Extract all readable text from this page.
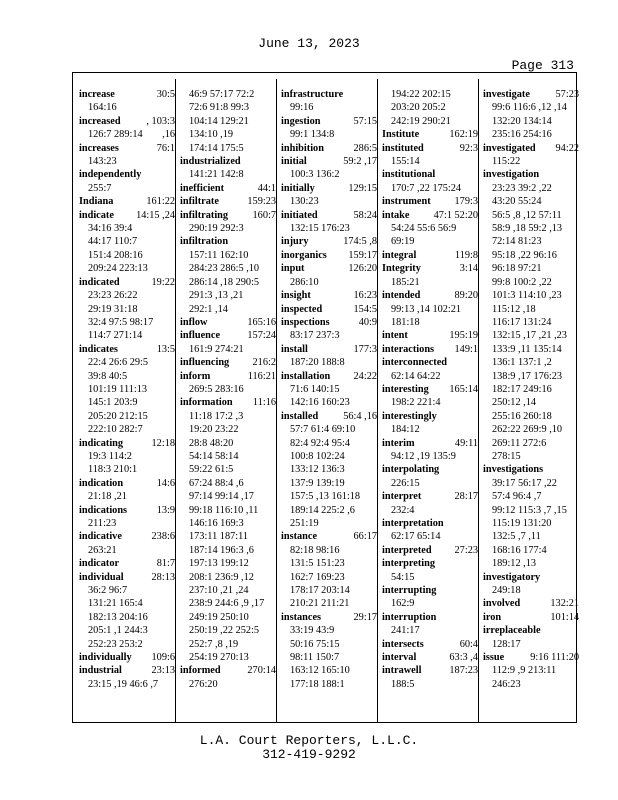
June 13, 2023
Page 313
increase	30:5
164:16
increased	, 103:3
126:7 289:14 ,16
increases	76:1
143:23
independently
255:7
Indiana	161:22
indicate 14:15 ,24
34:16 39:4
44:17 110:7
151:4 208:16
209:24 223:13
indicated	19:22
23:23 26:22
29:19 31:18
32:4 97:5 98:17
114:7 271:14
indicates	13:5
22:4 26:6 29:5
39:8 40:5
101:19 111:13
145:1 203:9
205:20 212:15
222:10 282:7
indicating	12:18
19:3 114:2
118:3 210:1
indication	14:6
21:18 ,21
indications	13:9
211:23
indicative	238:6
263:21
indicator	81:7
individual	28:13
36:2 96:7
131:21 165:4
182:13 204:16
205:1 ,1 244:3
252:23 253:2
individually 109:6
industrial	23:13
23:15 ,19 46:6 ,7
46:9 57:17 72:2
72:6 91:8 99:3
104:14 129:21
134:10 ,19
174:14 175:5
industrialized
141:21 142:8
inefficient	44:1
infiltrate	159:23
infiltrating 160:7
290:19 292:3
infiltration
157:11 162:10
284:23 286:5 ,10
286:14 ,18 290:5
291:3 ,13 ,21
292:1 ,14
inflow	165:16
influence	157:24
161:9 274:21
influencing 216:2
inform	116:21
269:5 283:16
information 11:16
11:18 17:2 ,3
19:20 23:22
28:8 48:20
54:14 58:14
59:22 61:5
67:24 88:4 ,6
97:14 99:14 ,17
99:18 116:10 ,11
146:16 169:3
173:11 187:11
187:14 196:3 ,6
197:13 199:12
208:1 236:9 ,12
237:10 ,21 ,24
238:9 244:6 ,9 ,17
249:19 250:10
250:19 ,22 252:5
252:7 ,8 ,19
254:19 270:13
informed	270:14
276:20
infrastructure
99:16
ingestion	57:15
99:1 134:8
inhibition	286:5
initial	59:2 ,17
100:3 136:2
initially	129:15
130:23
initiated	58:24
132:15 176:23
injury	174:5 ,8
inorganics 159:17
input	126:20
286:10
insight	16:23
inspected	154:5
inspections	40:9
83:17 237:3
install	177:3
187:20 188:8
installation 24:22
71:6 140:15
142:16 160:23
installed 56:4 ,16
57:7 61:4 69:10
82:4 92:4 95:4
100:8 102:24
133:12 136:3
137:9 139:19
157:5 ,13 161:18
189:14 225:2 ,6
251:19
instance	66:17
82:18 98:16
131:5 151:23
162:7 169:23
178:17 203:14
210:21 211:21
instances	29:17
33:19 43:9
50:16 75:15
98:11 150:7
163:12 165:10
177:18 188:1
194:22 202:15
203:20 205:2
242:19 290:21
Institute	162:19
instituted	92:3
155:14
institutional
170:7 ,22 175:24
instrument 179:3
intake 47:1 52:20
54:24 55:6 56:9
69:19
integral	119:8
Integrity	3:14
185:21
intended	89:20
99:13 ,14 102:21
181:18
intent	195:19
interactions 149:1
interconnected
62:14 64:22
interesting 165:14
198:2 221:4
interestingly
184:12
interim	49:11
94:12 ,19 135:9
interpolating
226:15
interpret	28:17
232:4
interpretation
62:17 65:14
interpreted 27:23
interpreting
54:15
interrupting
162:9
interruption
241:17
intersects	60:4
interval	63:3 ,4
intrawell	187:23
188:5
investigate 57:23
99:6 116:6 ,12 ,14
132:20 134:14
235:16 254:16
investigated 94:22
115:22
investigation
23:23 39:2 ,22
43:20 55:24
56:5 ,8 ,12 57:11
58:9 ,18 59:2 ,13
72:14 81:23
95:18 ,22 96:16
96:18 97:21
99:8 100:2 ,22
101:3 114:10 ,23
115:12 ,18
116:17 131:24
132:15 ,17 ,21 ,23
133:9 ,11 135:14
136:1 137:1 ,2
138:9 ,17 176:23
182:17 249:16
250:12 ,14
255:16 260:18
262:22 269:9 ,10
269:11 272:6
278:15
investigations
39:17 56:17 ,22
57:4 96:4 ,7
99:12 115:3 ,7 ,15
115:19 131:20
132:5 ,7 ,11
168:16 177:4
189:12 ,13
investigatory
249:18
involved	132:21
iron	101:14
irreplaceable
128:17
issue	9:16 111:20
112:9 ,9 213:11
246:23
L.A. Court Reporters, L.L.C.
312-419-9292
